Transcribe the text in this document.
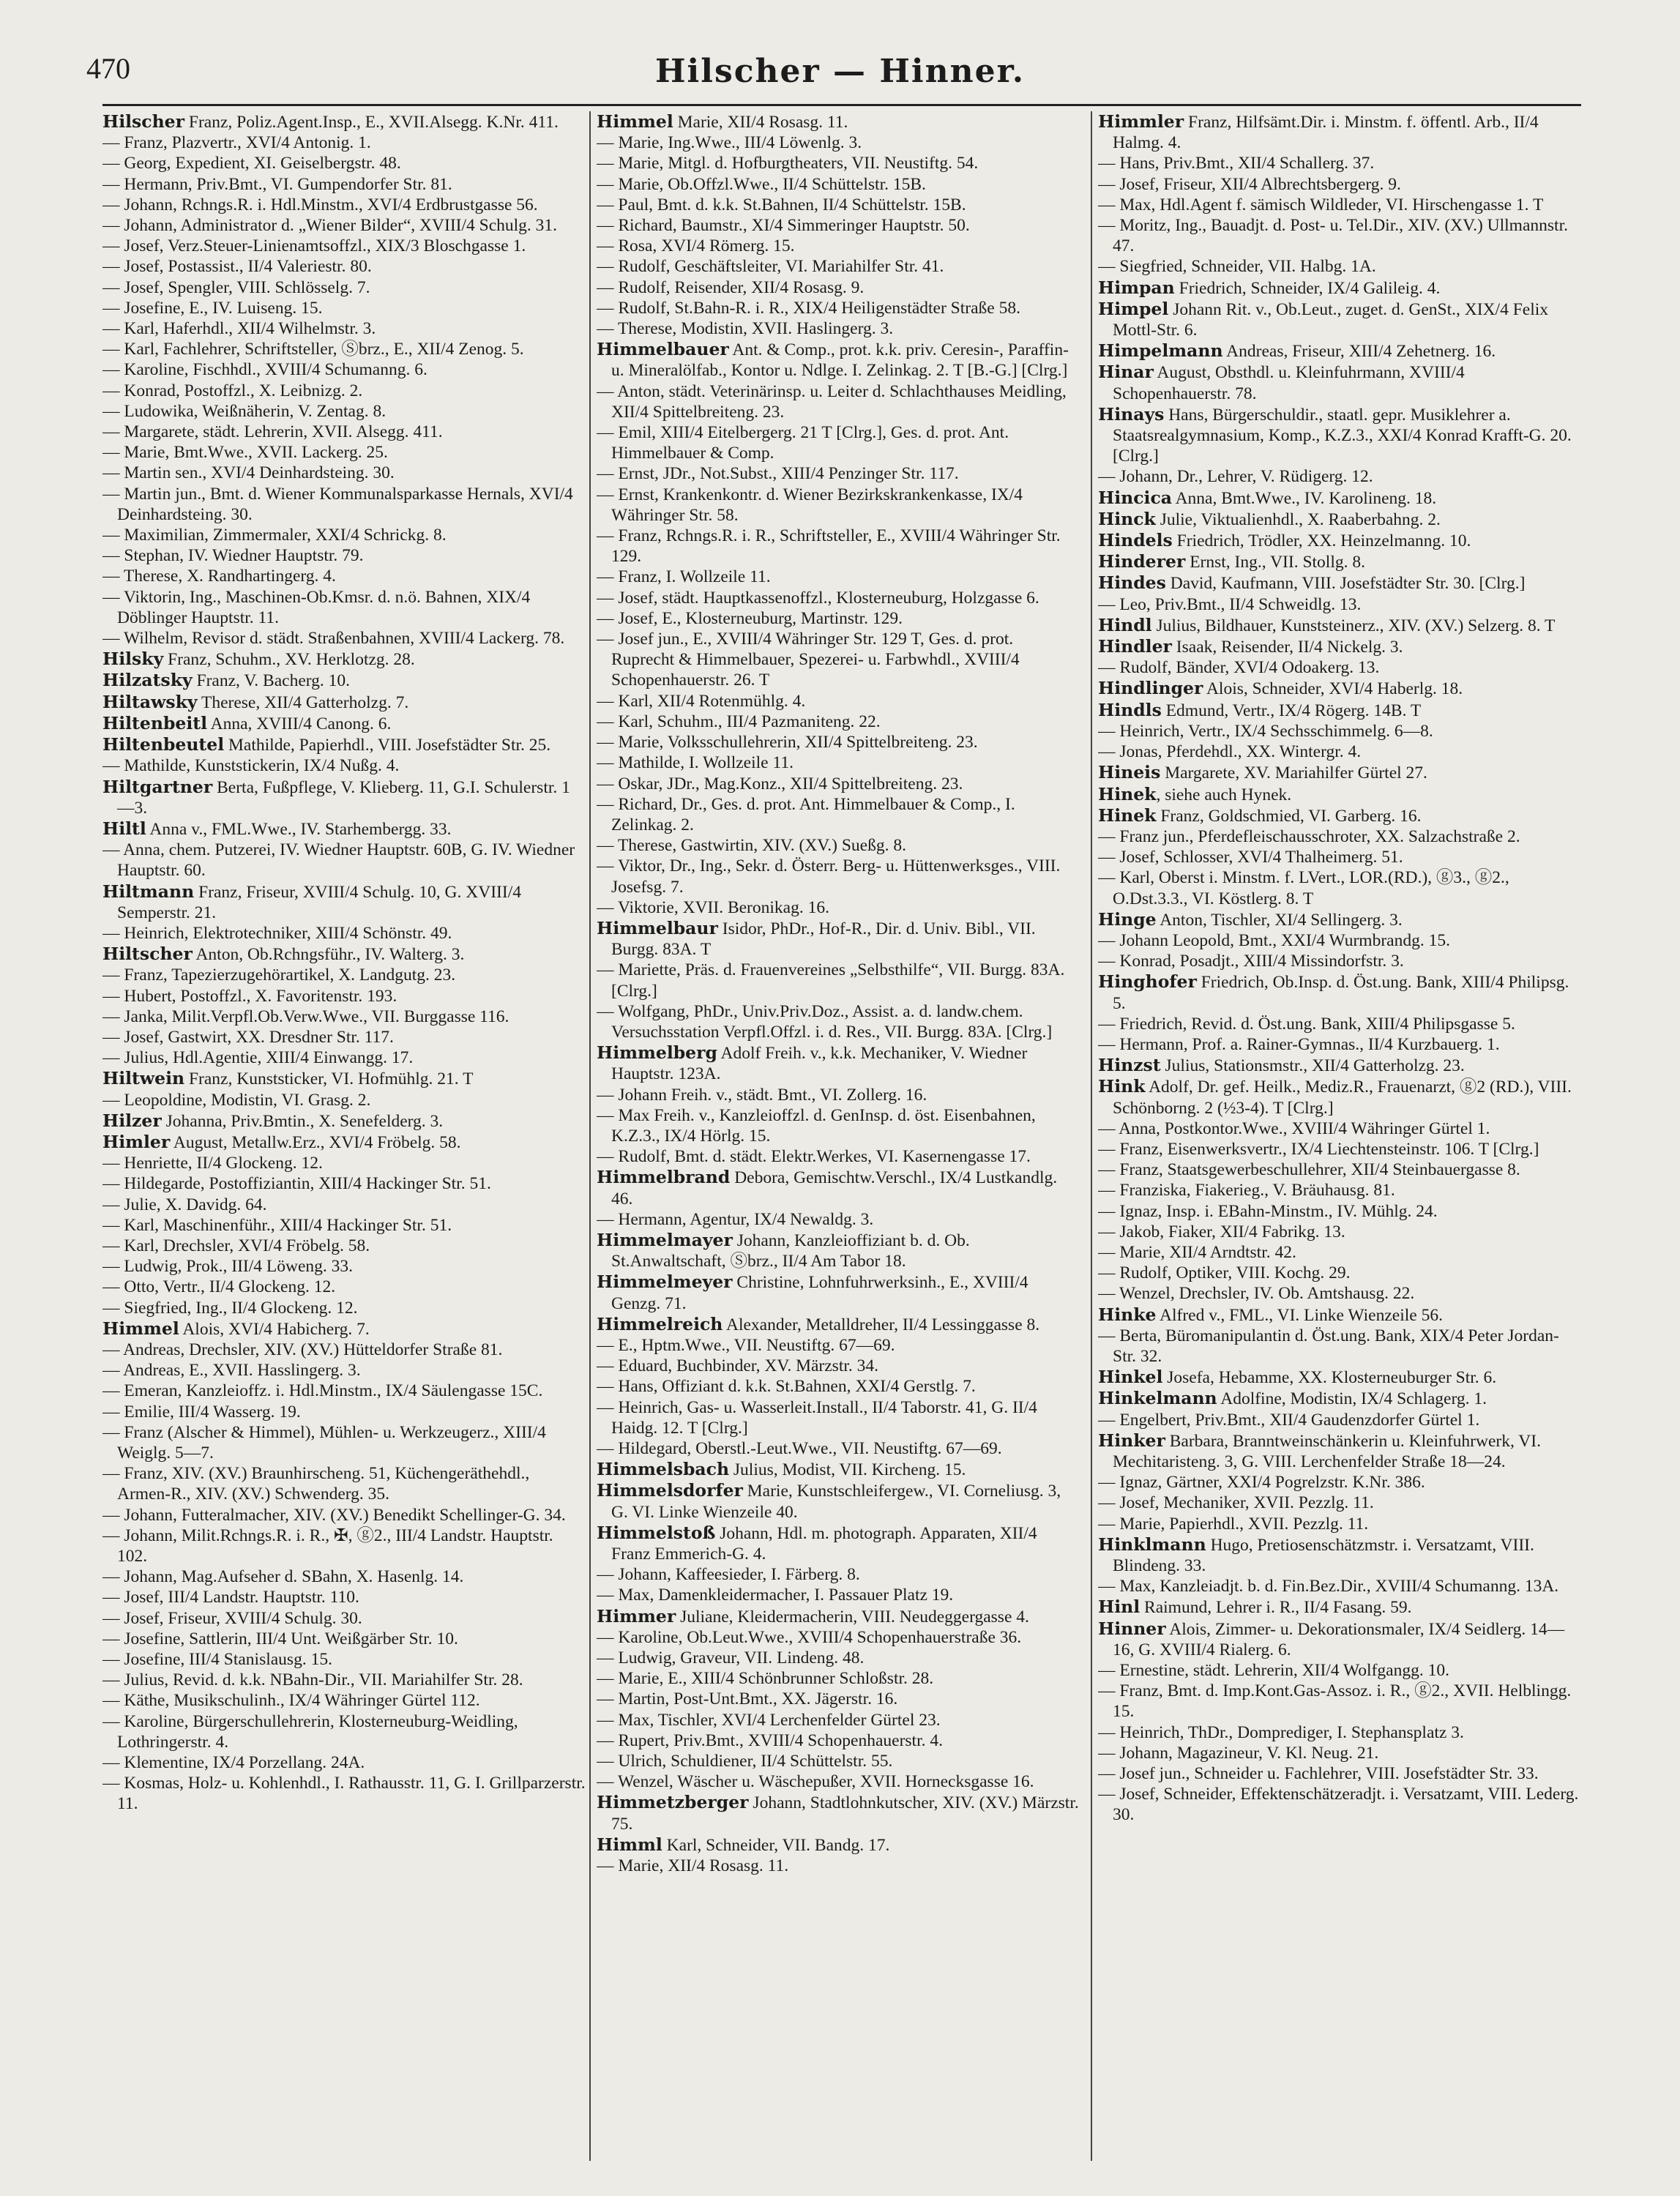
470	Hilscher — Hinner.
Hilscher Franz, Poliz.Agent.Insp., E., XVII.Alsegg. K.Nr. 411.
— Franz, Plazvertr., XVI/4 Antonig. 1.
— Georg, Expedient, XI. Geiselbergstr. 48.
— Hermann, Priv.Bmt., VI. Gumpendorfer Str. 81.
— Johann, Rchngs.R. i. Hdl.Minstm., XVI/4 Erdbrustgasse 56.
— Johann, Administrator d. „Wiener Bilder“, XVIII/4 Schulg. 31.
— Josef, Verz.Steuer-Linienamtsoffzl., XIX/3 Bloschgasse 1.
— Josef, Postassist., II/4 Valeriestr. 80.
— Josef, Spengler, VIII. Schlösselg. 7.
— Josefine, E., IV. Luiseng. 15.
— Karl, Haferhdl., XII/4 Wilhelmstr. 3.
— Karl, Fachlehrer, Schriftsteller, Ⓢbrz., E., XII/4 Zenog. 5.
— Karoline, Fischhdl., XVIII/4 Schumanng. 6.
— Konrad, Postoffzl., X. Leibnizg. 2.
— Ludowika, Weißnäherin, V. Zentag. 8.
— Margarete, städt. Lehrerin, XVII. Alsegg. 411.
— Marie, Bmt.Wwe., XVII. Lackerg. 25.
— Martin sen., XVI/4 Deinhardsteing. 30.
— Martin jun., Bmt. d. Wiener Kommunalsparkasse Hernals, XVI/4 Deinhardsteing. 30.
— Maximilian, Zimmermaler, XXI/4 Schrickg. 8.
— Stephan, IV. Wiedner Hauptstr. 79.
— Therese, X. Randhartingerg. 4.
— Viktorin, Ing., Maschinen-Ob.Kmsr. d. n.ö. Bahnen, XIX/4 Döblinger Hauptstr. 11.
— Wilhelm, Revisor d. städt. Straßenbahnen, XVIII/4 Lackerg. 78.
Hilsky Franz, Schuhm., XV. Herklotzg. 28.
Hilzatsky Franz, V. Bacherg. 10.
Hiltawsky Therese, XII/4 Gatterholzg. 7.
Hiltenbeitl Anna, XVIII/4 Canong. 6.
Hiltenbeutel Mathilde, Papierhdl., VIII. Josefstädter Str. 25.
— Mathilde, Kunststickerin, IX/4 Nußg. 4.
Hiltgartner Berta, Fußpflege, V. Klieberg. 11, G.I. Schulerstr. 1—3.
Hiltl Anna v., FML.Wwe., IV. Starhembergg. 33.
— Anna, chem. Putzerei, IV. Wiedner Hauptstr. 60B, G. IV. Wiedner Hauptstr. 60.
Hiltmann Franz, Friseur, XVIII/4 Schulg. 10, G. XVIII/4 Semperstr. 21.
— Heinrich, Elektrotechniker, XIII/4 Schönstr. 49.
Hiltscher Anton, Ob.Rchngsführ., IV. Walterg. 3.
— Franz, Tapezierzugehörartikel, X. Landgutg. 23.
— Hubert, Postoffzl., X. Favoritenstr. 193.
— Janka, Milit.Verpfl.Ob.Verw.Wwe., VII. Burggasse 116.
— Josef, Gastwirt, XX. Dresdner Str. 117.
— Julius, Hdl.Agentie, XIII/4 Einwangg. 17.
Hiltwein Franz, Kunststicker, VI. Hofmühlg. 21. T
— Leopoldine, Modistin, VI. Grasg. 2.
Hilzer Johanna, Priv.Bmtin., X. Senefelderg. 3.
Himler August, Metallw.Erz., XVI/4 Fröbelg. 58.
— Henriette, II/4 Glockeng. 12.
— Hildegarde, Postoffiziantin, XIII/4 Hackinger Str. 51.
— Julie, X. Davidg. 64.
— Karl, Maschinenführ., XIII/4 Hackinger Str. 51.
— Karl, Drechsler, XVI/4 Fröbelg. 58.
— Ludwig, Prok., III/4 Löweng. 33.
— Otto, Vertr., II/4 Glockeng. 12.
— Siegfried, Ing., II/4 Glockeng. 12.
Himmel Alois, XVI/4 Habicherg. 7.
— Andreas, Drechsler, XIV. (XV.) Hütteldorfer Straße 81.
— Andreas, E., XVII. Hasslingerg. 3.
— Emeran, Kanzleioffz. i. Hdl.Minstm., IX/4 Säulengasse 15C.
— Emilie, III/4 Wasserg. 19.
— Franz (Alscher & Himmel), Mühlen- u. Werkzeugerz., XIII/4 Weiglg. 5—7.
— Franz, XIV. (XV.) Braunhirscheng. 51, Küchengeräthehdl., Armen-R., XIV. (XV.) Schwenderg. 35.
— Johann, Futteralmacher, XIV. (XV.) Benedikt Schellinger-G. 34.
— Johann, Milit.Rchngs.R. i. R., ✠, ⓖ2., III/4 Landstr. Hauptstr. 102.
— Johann, Mag.Aufseher d. SBahn, X. Hasenlg. 14.
— Josef, III/4 Landstr. Hauptstr. 110.
— Josef, Friseur, XVIII/4 Schulg. 30.
— Josefine, Sattlerin, III/4 Unt. Weißgärber Str. 10.
— Josefine, III/4 Stanislausg. 15.
— Julius, Revid. d. k.k. NBahn-Dir., VII. Mariahilfer Str. 28.
— Käthe, Musikschulinh., IX/4 Währinger Gürtel 112.
— Karoline, Bürgerschullehrerin, Klosterneuburg-Weidling, Lothringerstr. 4.
— Klementine, IX/4 Porzellang. 24A.
— Kosmas, Holz- u. Kohlenhdl., I. Rathausstr. 11, G. I. Grillparzerstr. 11.
Himmel Marie, XII/4 Rosasg. 11.
— Marie, Ing.Wwe., III/4 Löwenlg. 3.
— Marie, Mitgl. d. Hofburgtheaters, VII. Neustiftg. 54.
— Marie, Ob.Offzl.Wwe., II/4 Schüttelstr. 15B.
— Paul, Bmt. d. k.k. St.Bahnen, II/4 Schüttelstr. 15B.
— Richard, Baumstr., XI/4 Simmeringer Hauptstr. 50.
— Rosa, XVI/4 Römerg. 15.
— Rudolf, Geschäftsleiter, VI. Mariahilfer Str. 41.
— Rudolf, Reisender, XII/4 Rosasg. 9.
— Rudolf, St.Bahn-R. i. R., XIX/4 Heiligenstädter Straße 58.
— Therese, Modistin, XVII. Haslingerg. 3.
Himmelbauer Ant. & Comp., prot. k.k. priv. Ceresin-, Paraffin- u. Mineralölfab., Kontor u. Ndlge. I. Zelinkag. 2. T [B.-G.] [Clrg.]
— Anton, städt. Veterinärinsp. u. Leiter d. Schlachthauses Meidling, XII/4 Spittelbreiteng. 23.
— Emil, XIII/4 Eitelbergerg. 21 T [Clrg.], Ges. d. prot. Ant. Himmelbauer & Comp.
— Ernst, JDr., Not.Subst., XIII/4 Penzinger Str. 117.
— Ernst, Krankenkontr. d. Wiener Bezirkskrankenkasse, IX/4 Währinger Str. 58.
— Franz, Rchngs.R. i. R., Schriftsteller, E., XVIII/4 Währinger Str. 129.
— Franz, I. Wollzeile 11.
— Josef, städt. Hauptkassenoffzl., Klosterneuburg, Holzgasse 6.
— Josef, E., Klosterneuburg, Martinstr. 129.
— Josef jun., E., XVIII/4 Währinger Str. 129 T, Ges. d. prot. Ruprecht & Himmelbauer, Spezerei- u. Farbwhdl., XVIII/4 Schopenhauerstr. 26. T
— Karl, XII/4 Rotenmühlg. 4.
— Karl, Schuhm., III/4 Pazmaniteng. 22.
— Marie, Volksschullehrerin, XII/4 Spittelbreiteng. 23.
— Mathilde, I. Wollzeile 11.
— Oskar, JDr., Mag.Konz., XII/4 Spittelbreiteng. 23.
— Richard, Dr., Ges. d. prot. Ant. Himmelbauer & Comp., I. Zelinkag. 2.
— Therese, Gastwirtin, XIV. (XV.) Sueßg. 8.
— Viktor, Dr., Ing., Sekr. d. Österr. Berg- u. Hüttenwerksges., VIII. Josefsg. 7.
— Viktorie, XVII. Beronikag. 16.
Himmelbaur Isidor, PhDr., Hof-R., Dir. d. Univ. Bibl., VII. Burgg. 83A. T
— Mariette, Präs. d. Frauenvereines „Selbsthilfe“, VII. Burgg. 83A. [Clrg.]
— Wolfgang, PhDr., Univ.Priv.Doz., Assist. a. d. landw.chem. Versuchsstation Verpfl.Offzl. i. d. Res., VII. Burgg. 83A. [Clrg.]
Himmelberg Adolf Freih. v., k.k. Mechaniker, V. Wiedner Hauptstr. 123A.
— Johann Freih. v., städt. Bmt., VI. Zollerg. 16.
— Max Freih. v., Kanzleioffzl. d. GenInsp. d. öst. Eisenbahnen, K.Z.3., IX/4 Hörlg. 15.
— Rudolf, Bmt. d. städt. Elektr.Werkes, VI. Kasernengasse 17.
Himmelbrand Debora, Gemischtw.Verschl., IX/4 Lustkandlg. 46.
— Hermann, Agentur, IX/4 Newaldg. 3.
Himmelmayer Johann, Kanzleioffiziant b. d. Ob. St.Anwaltschaft, Ⓢbrz., II/4 Am Tabor 18.
Himmelmeyer Christine, Lohnfuhrwerksinh., E., XVIII/4 Genzg. 71.
Himmelreich Alexander, Metalldreher, II/4 Lessinggasse 8.
— E., Hptm.Wwe., VII. Neustiftg. 67—69.
— Eduard, Buchbinder, XV. Märzstr. 34.
— Hans, Offiziant d. k.k. St.Bahnen, XXI/4 Gerstlg. 7.
— Heinrich, Gas- u. Wasserleit.Install., II/4 Taborstr. 41, G. II/4 Haidg. 12. T [Clrg.]
— Hildegard, Oberstl.-Leut.Wwe., VII. Neustiftg. 67—69.
Himmelsbach Julius, Modist, VII. Kircheng. 15.
Himmelsdorfer Marie, Kunstschleifergew., VI. Corneliusg. 3, G. VI. Linke Wienzeile 40.
Himmelstoß Johann, Hdl. m. photograph. Apparaten, XII/4 Franz Emmerich-G. 4.
— Johann, Kaffeesieder, I. Färberg. 8.
— Max, Damenkleidermacher, I. Passauer Platz 19.
Himmer Juliane, Kleidermacherin, VIII. Neudeggergasse 4.
— Karoline, Ob.Leut.Wwe., XVIII/4 Schopenhauerstraße 36.
— Ludwig, Graveur, VII. Lindeng. 48.
— Marie, E., XIII/4 Schönbrunner Schloßstr. 28.
— Martin, Post-Unt.Bmt., XX. Jägerstr. 16.
— Max, Tischler, XVI/4 Lerchenfelder Gürtel 23.
— Rupert, Priv.Bmt., XVIII/4 Schopenhauerstr. 4.
— Ulrich, Schuldiener, II/4 Schüttelstr. 55.
— Wenzel, Wäscher u. Wäschepußer, XVII. Hornecksgasse 16.
Himmetzberger Johann, Stadtlohnkutscher, XIV. (XV.) Märzstr. 75.
Himml Karl, Schneider, VII. Bandg. 17.
— Marie, XII/4 Rosasg. 11.
Himmler Franz, Hilfsämt.Dir. i. Minstm. f. öffentl. Arb., II/4 Halmg. 4.
— Hans, Priv.Bmt., XII/4 Schallerg. 37.
— Josef, Friseur, XII/4 Albrechtsbergerg. 9.
— Max, Hdl.Agent f. sämisch Wildleder, VI. Hirschengasse 1. T
— Moritz, Ing., Bauadjt. d. Post- u. Tel.Dir., XIV. (XV.) Ullmannstr. 47.
— Siegfried, Schneider, VII. Halbg. 1A.
Himpan Friedrich, Schneider, IX/4 Galileig. 4.
Himpel Johann Rit. v., Ob.Leut., zuget. d. GenSt., XIX/4 Felix Mottl-Str. 6.
Himpelmann Andreas, Friseur, XIII/4 Zehetnerg. 16.
Hinar August, Obsthdl. u. Kleinfuhrmann, XVIII/4 Schopenhauerstr. 78.
Hinays Hans, Bürgerschuldir., staatl. gepr. Musiklehrer a. Staatsrealgymnasium, Komp., K.Z.3., XXI/4 Konrad Krafft-G. 20. [Clrg.]
— Johann, Dr., Lehrer, V. Rüdigerg. 12.
Hincica Anna, Bmt.Wwe., IV. Karolineng. 18.
Hinck Julie, Viktualienhdl., X. Raaberbahng. 2.
Hindels Friedrich, Trödler, XX. Heinzelmanng. 10.
Hinderer Ernst, Ing., VII. Stollg. 8.
Hindes David, Kaufmann, VIII. Josefstädter Str. 30. [Clrg.]
— Leo, Priv.Bmt., II/4 Schweidlg. 13.
Hindl Julius, Bildhauer, Kunststeinerz., XIV. (XV.) Selzerg. 8. T
Hindler Isaak, Reisender, II/4 Nickelg. 3.
— Rudolf, Bänder, XVI/4 Odoakerg. 13.
Hindlinger Alois, Schneider, XVI/4 Haberlg. 18.
Hindls Edmund, Vertr., IX/4 Rögerg. 14B. T
— Heinrich, Vertr., IX/4 Sechsschimmelg. 6—8.
— Jonas, Pferdehdl., XX. Wintergr. 4.
Hineis Margarete, XV. Mariahilfer Gürtel 27.
Hinek, siehe auch Hynek.
Hinek Franz, Goldschmied, VI. Garberg. 16.
— Franz jun., Pferdefleischausschroter, XX. Salzachstraße 2.
— Josef, Schlosser, XVI/4 Thalheimerg. 51.
— Karl, Oberst i. Minstm. f. LVert., LOR.(RD.), ⓖ3., ⓖ2., O.Dst.3.3., VI. Köstlerg. 8. T
Hinge Anton, Tischler, XI/4 Sellingerg. 3.
— Johann Leopold, Bmt., XXI/4 Wurmbrandg. 15.
— Konrad, Posadjt., XIII/4 Missindorfstr. 3.
Hinghofer Friedrich, Ob.Insp. d. Öst.ung. Bank, XIII/4 Philipsg. 5.
— Friedrich, Revid. d. Öst.ung. Bank, XIII/4 Philipsgasse 5.
— Hermann, Prof. a. Rainer-Gymnas., II/4 Kurzbauerg. 1.
Hinzst Julius, Stationsmstr., XII/4 Gatterholzg. 23.
Hink Adolf, Dr. gef. Heilk., Mediz.R., Frauenarzt, ⓖ2 (RD.), VIII. Schönborng. 2 (½3-4). T [Clrg.]
— Anna, Postkontor.Wwe., XVIII/4 Währinger Gürtel 1.
— Franz, Eisenwerksvertr., IX/4 Liechtensteinstr. 106. T [Clrg.]
— Franz, Staatsgewerbeschullehrer, XII/4 Steinbauergasse 8.
— Franziska, Fiakerieg., V. Bräuhausg. 81.
— Ignaz, Insp. i. EBahn-Minstm., IV. Mühlg. 24.
— Jakob, Fiaker, XII/4 Fabrikg. 13.
— Marie, XII/4 Arndtstr. 42.
— Rudolf, Optiker, VIII. Kochg. 29.
— Wenzel, Drechsler, IV. Ob. Amtshausg. 22.
Hinke Alfred v., FML., VI. Linke Wienzeile 56.
— Berta, Büromanipulantin d. Öst.ung. Bank, XIX/4 Peter Jordan-Str. 32.
Hinkel Josefa, Hebamme, XX. Klosterneuburger Str. 6.
Hinkelmann Adolfine, Modistin, IX/4 Schlagerg. 1.
— Engelbert, Priv.Bmt., XII/4 Gaudenzdorfer Gürtel 1.
Hinker Barbara, Branntweinschänkerin u. Kleinfuhrwerk, VI. Mechitaristeng. 3, G. VIII. Lerchenfelder Straße 18—24.
— Ignaz, Gärtner, XXI/4 Pogrelzstr. K.Nr. 386.
— Josef, Mechaniker, XVII. Pezzlg. 11.
— Marie, Papierhdl., XVII. Pezzlg. 11.
Hinklmann Hugo, Pretiosenschätzmstr. i. Versatzamt, VIII. Blindeng. 33.
— Max, Kanzleiadjt. b. d. Fin.Bez.Dir., XVIII/4 Schumanng. 13A.
Hinl Raimund, Lehrer i. R., II/4 Fasang. 59.
Hinner Alois, Zimmer- u. Dekorationsmaler, IX/4 Seidlerg. 14—16, G. XVIII/4 Rialerg. 6.
— Ernestine, städt. Lehrerin, XII/4 Wolfgangg. 10.
— Franz, Bmt. d. Imp.Kont.Gas-Assoz. i. R., ⓖ2., XVII. Helblingg. 15.
— Heinrich, ThDr., Domprediger, I. Stephansplatz 3.
— Johann, Magazineur, V. Kl. Neug. 21.
— Josef jun., Schneider u. Fachlehrer, VIII. Josefstädter Str. 33.
— Josef, Schneider, Effektenschätzeradjt. i. Versatzamt, VIII. Lederg. 30.
